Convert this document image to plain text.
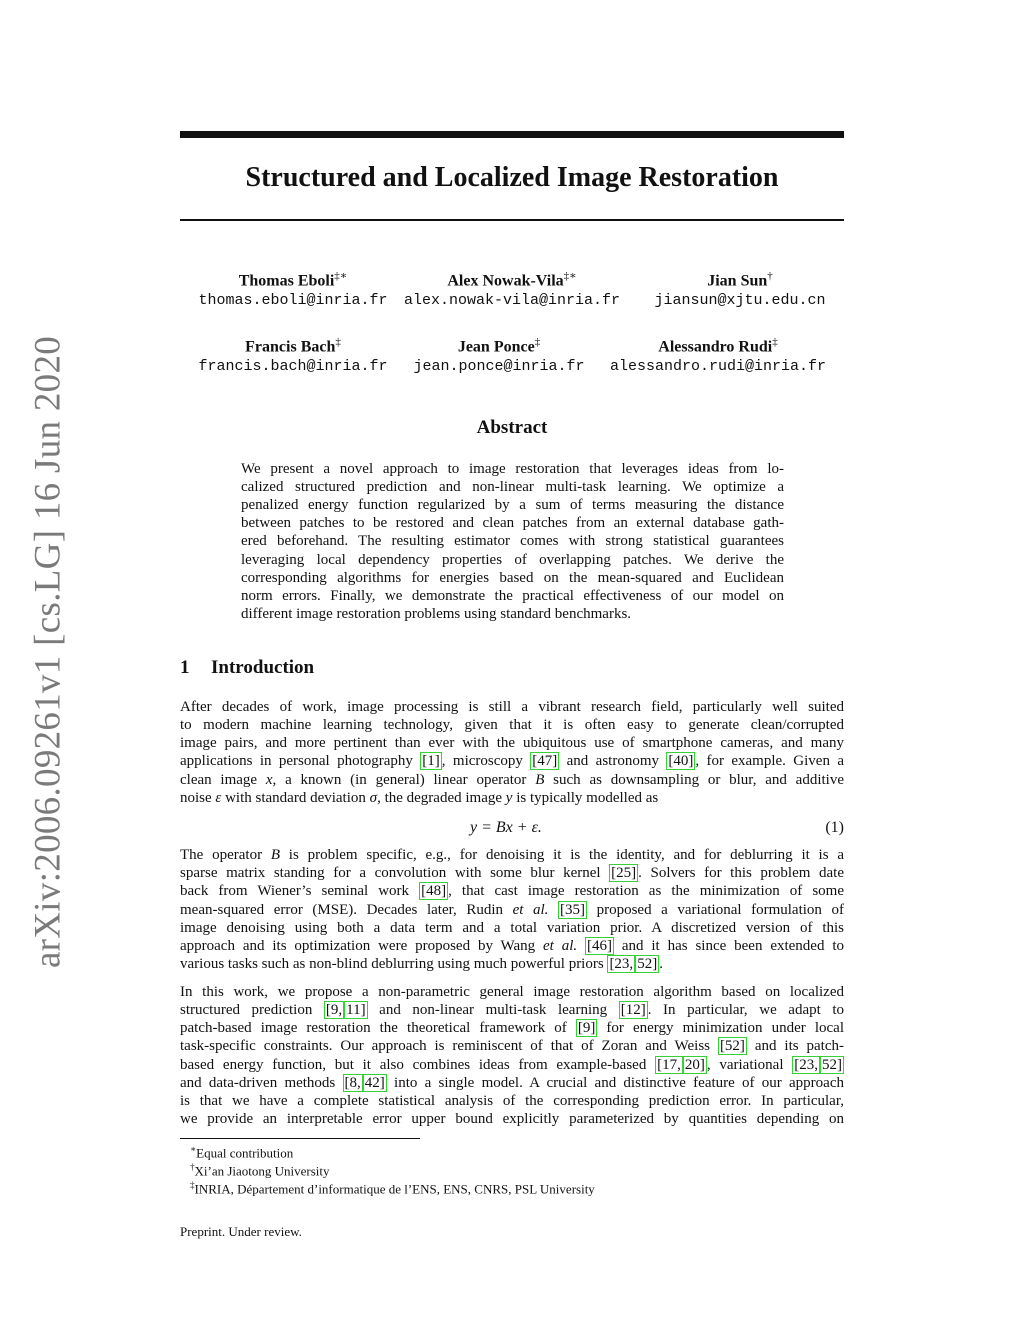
arXiv:2006.09261v1 [cs.LG] 16 Jun 2020
Structured and Localized Image Restoration
Thomas Eboli‡∗
thomas.eboli@inria.fr
Alex Nowak-Vila‡∗
alex.nowak-vila@inria.fr
Jian Sun†
jiansun@xjtu.edu.cn
Francis Bach‡
francis.bach@inria.fr
Jean Ponce‡
jean.ponce@inria.fr
Alessandro Rudi‡
alessandro.rudi@inria.fr
Abstract
We present a novel approach to image restoration that leverages ideas from lo-
calized structured prediction and non-linear multi-task learning. We optimize a
penalized energy function regularized by a sum of terms measuring the distance
between patches to be restored and clean patches from an external database gath-
ered beforehand. The resulting estimator comes with strong statistical guarantees
leveraging local dependency properties of overlapping patches. We derive the
corresponding algorithms for energies based on the mean-squared and Euclidean
norm errors. Finally, we demonstrate the practical effectiveness of our model on
different image restoration problems using standard benchmarks.
1 Introduction
After decades of work, image processing is still a vibrant research field, particularly well suited
to modern machine learning technology, given that it is often easy to generate clean/corrupted
image pairs, and more pertinent than ever with the ubiquitous use of smartphone cameras, and many
applications in personal photography [1] , microscopy [47] and astronomy [40] , for example. Given a
clean image x, a known (in general) linear operator B such as downsampling or blur, and additive
noise ε with standard deviation σ, the degraded image y is typically modelled as
y = Bx + ε.	(1)
The operator B is problem specific, e.g., for denoising it is the identity, and for deblurring it is a
sparse matrix standing for a convolution with some blur kernel [25] . Solvers for this problem date
back from Wiener’s seminal work [48] , that cast image restoration as the minimization of some
mean-squared error (MSE). Decades later, Rudin et al. [35] proposed a variational formulation of
image denoising using both a data term and a total variation prior. A discretized version of this
approach and its optimization were proposed by Wang et al. [46] and it has since been extended to
various tasks such as non-blind deblurring using much powerful priors [23, 52] .
In this work, we propose a non-parametric general image restoration algorithm based on localized
structured prediction [9, 11] and non-linear multi-task learning [12] . In particular, we adapt to
patch-based image restoration the theoretical framework of [9] for energy minimization under local
task-specific constraints. Our approach is reminiscent of that of Zoran and Weiss [52] and its patch-
based energy function, but it also combines ideas from example-based [17, 20] , variational [23, 52]
and data-driven methods [8, 42] into a single model. A crucial and distinctive feature of our approach
is that we have a complete statistical analysis of the corresponding prediction error. In particular,
we provide an interpretable error upper bound explicitly parameterized by quantities depending on
∗Equal contribution
†Xi’an Jiaotong University
‡INRIA, Département d’informatique de l’ENS, ENS, CNRS, PSL University
Preprint. Under review.
